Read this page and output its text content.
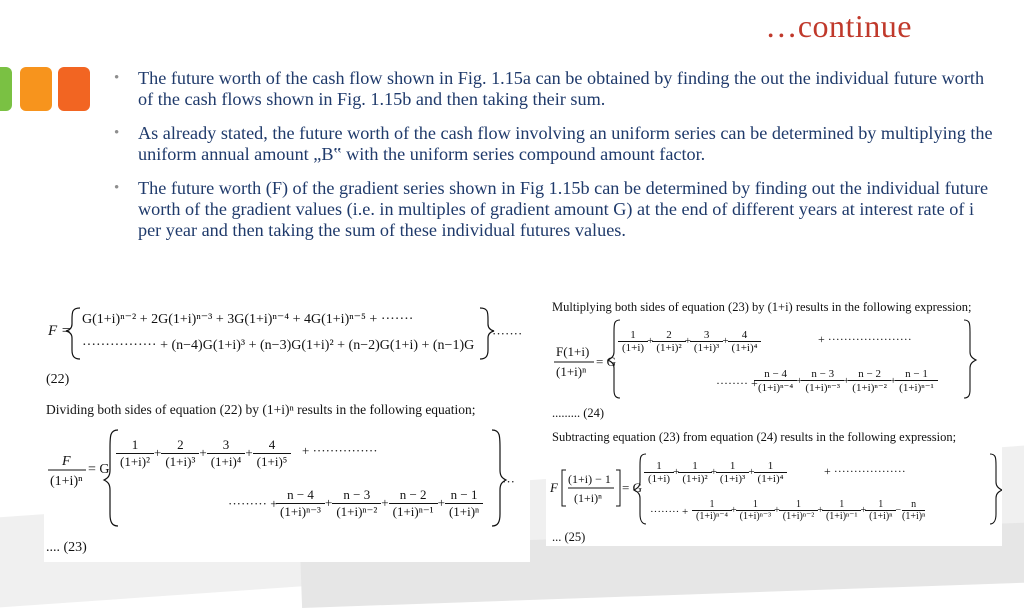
…continue
• The future worth of the cash flow shown in Fig. 1.15a can be obtained by finding the out the individual future worth of the cash flows shown in Fig. 1.15b and then taking their sum.
• As already stated, the future worth of the cash flow involving an uniform series can be determined by multiplying the uniform annual amount „B‟ with the uniform series compound amount factor.
• The future worth (F) of the gradient series shown in Fig 1.15b can be determined by finding out the individual future worth of the gradient values (i.e. in multiples of gradient amount G) at the end of different years at interest rate of i per year and then taking the sum of these individual futures values.
F =
G(1+i)ⁿ⁻² + 2G(1+i)ⁿ⁻³ + 3G(1+i)ⁿ⁻⁴ + 4G(1+i)ⁿ⁻⁵ + ·······
················ + (n−4)G(1+i)³ + (n−3)G(1+i)² + (n−2)G(1+i) + (n−1)G
·······
(22)
Dividing both sides of equation (22) by (1+i)ⁿ results in the following equation;
F
(1+i)ⁿ
= G $\frac{1}{\text{(1+i)²}} + \frac{2}{\text{(1+i)³}} + \frac{3}{\text{(1+i)⁴}} + \frac{4}{\text{(1+i)⁵}}$ + ···············
········· + $\frac{n - 4}{\text{(1+i)ⁿ⁻³}} + \frac{n - 3}{\text{(1+i)ⁿ⁻²}} + \frac{n - 2}{\text{(1+i)ⁿ⁻¹}} + \frac{n - 1}{\text{(1+i)ⁿ}}$
···
.... (23)
Multiplying both sides of equation (23) by (1+i) results in the following expression;
F(1+i)
(1+i)ⁿ
= G
$\frac{1}{(1+i)} + \frac{2}{\text{(1+i)²}} + \frac{3}{\text{(1+i)³}} + \frac{4}{\text{(1+i)⁴}}$	+ ·····················
········ +
$\frac{n - 4}{\text{(1+i)ⁿ⁻⁴}} + \frac{n - 3}{\text{(1+i)ⁿ⁻³}} + \frac{n - 2}{\text{(1+i)ⁿ⁻²}} + \frac{n - 1}{\text{(1+i)ⁿ⁻¹}}$
......... (24)
Subtracting equation (23) from equation (24) results in the following expression;
F
(1+i) − 1
(1+i)ⁿ
= G
$\frac{1}{(1+i)} + \frac{1}{\text{(1+i)²}} + \frac{1}{\text{(1+i)³}} + \frac{1}{\text{(1+i)⁴}}$	+ ··················
········ + $\frac{1}{\text{(1+i)ⁿ⁻⁴}} + \frac{1}{\text{(1+i)ⁿ⁻³}} + \frac{1}{\text{(1+i)ⁿ⁻²}} + \frac{1}{\text{(1+i)ⁿ⁻¹}} + \frac{1}{\text{(1+i)ⁿ}} - \frac{n}{\text{(1+i)ⁿ}}$
... (25)
